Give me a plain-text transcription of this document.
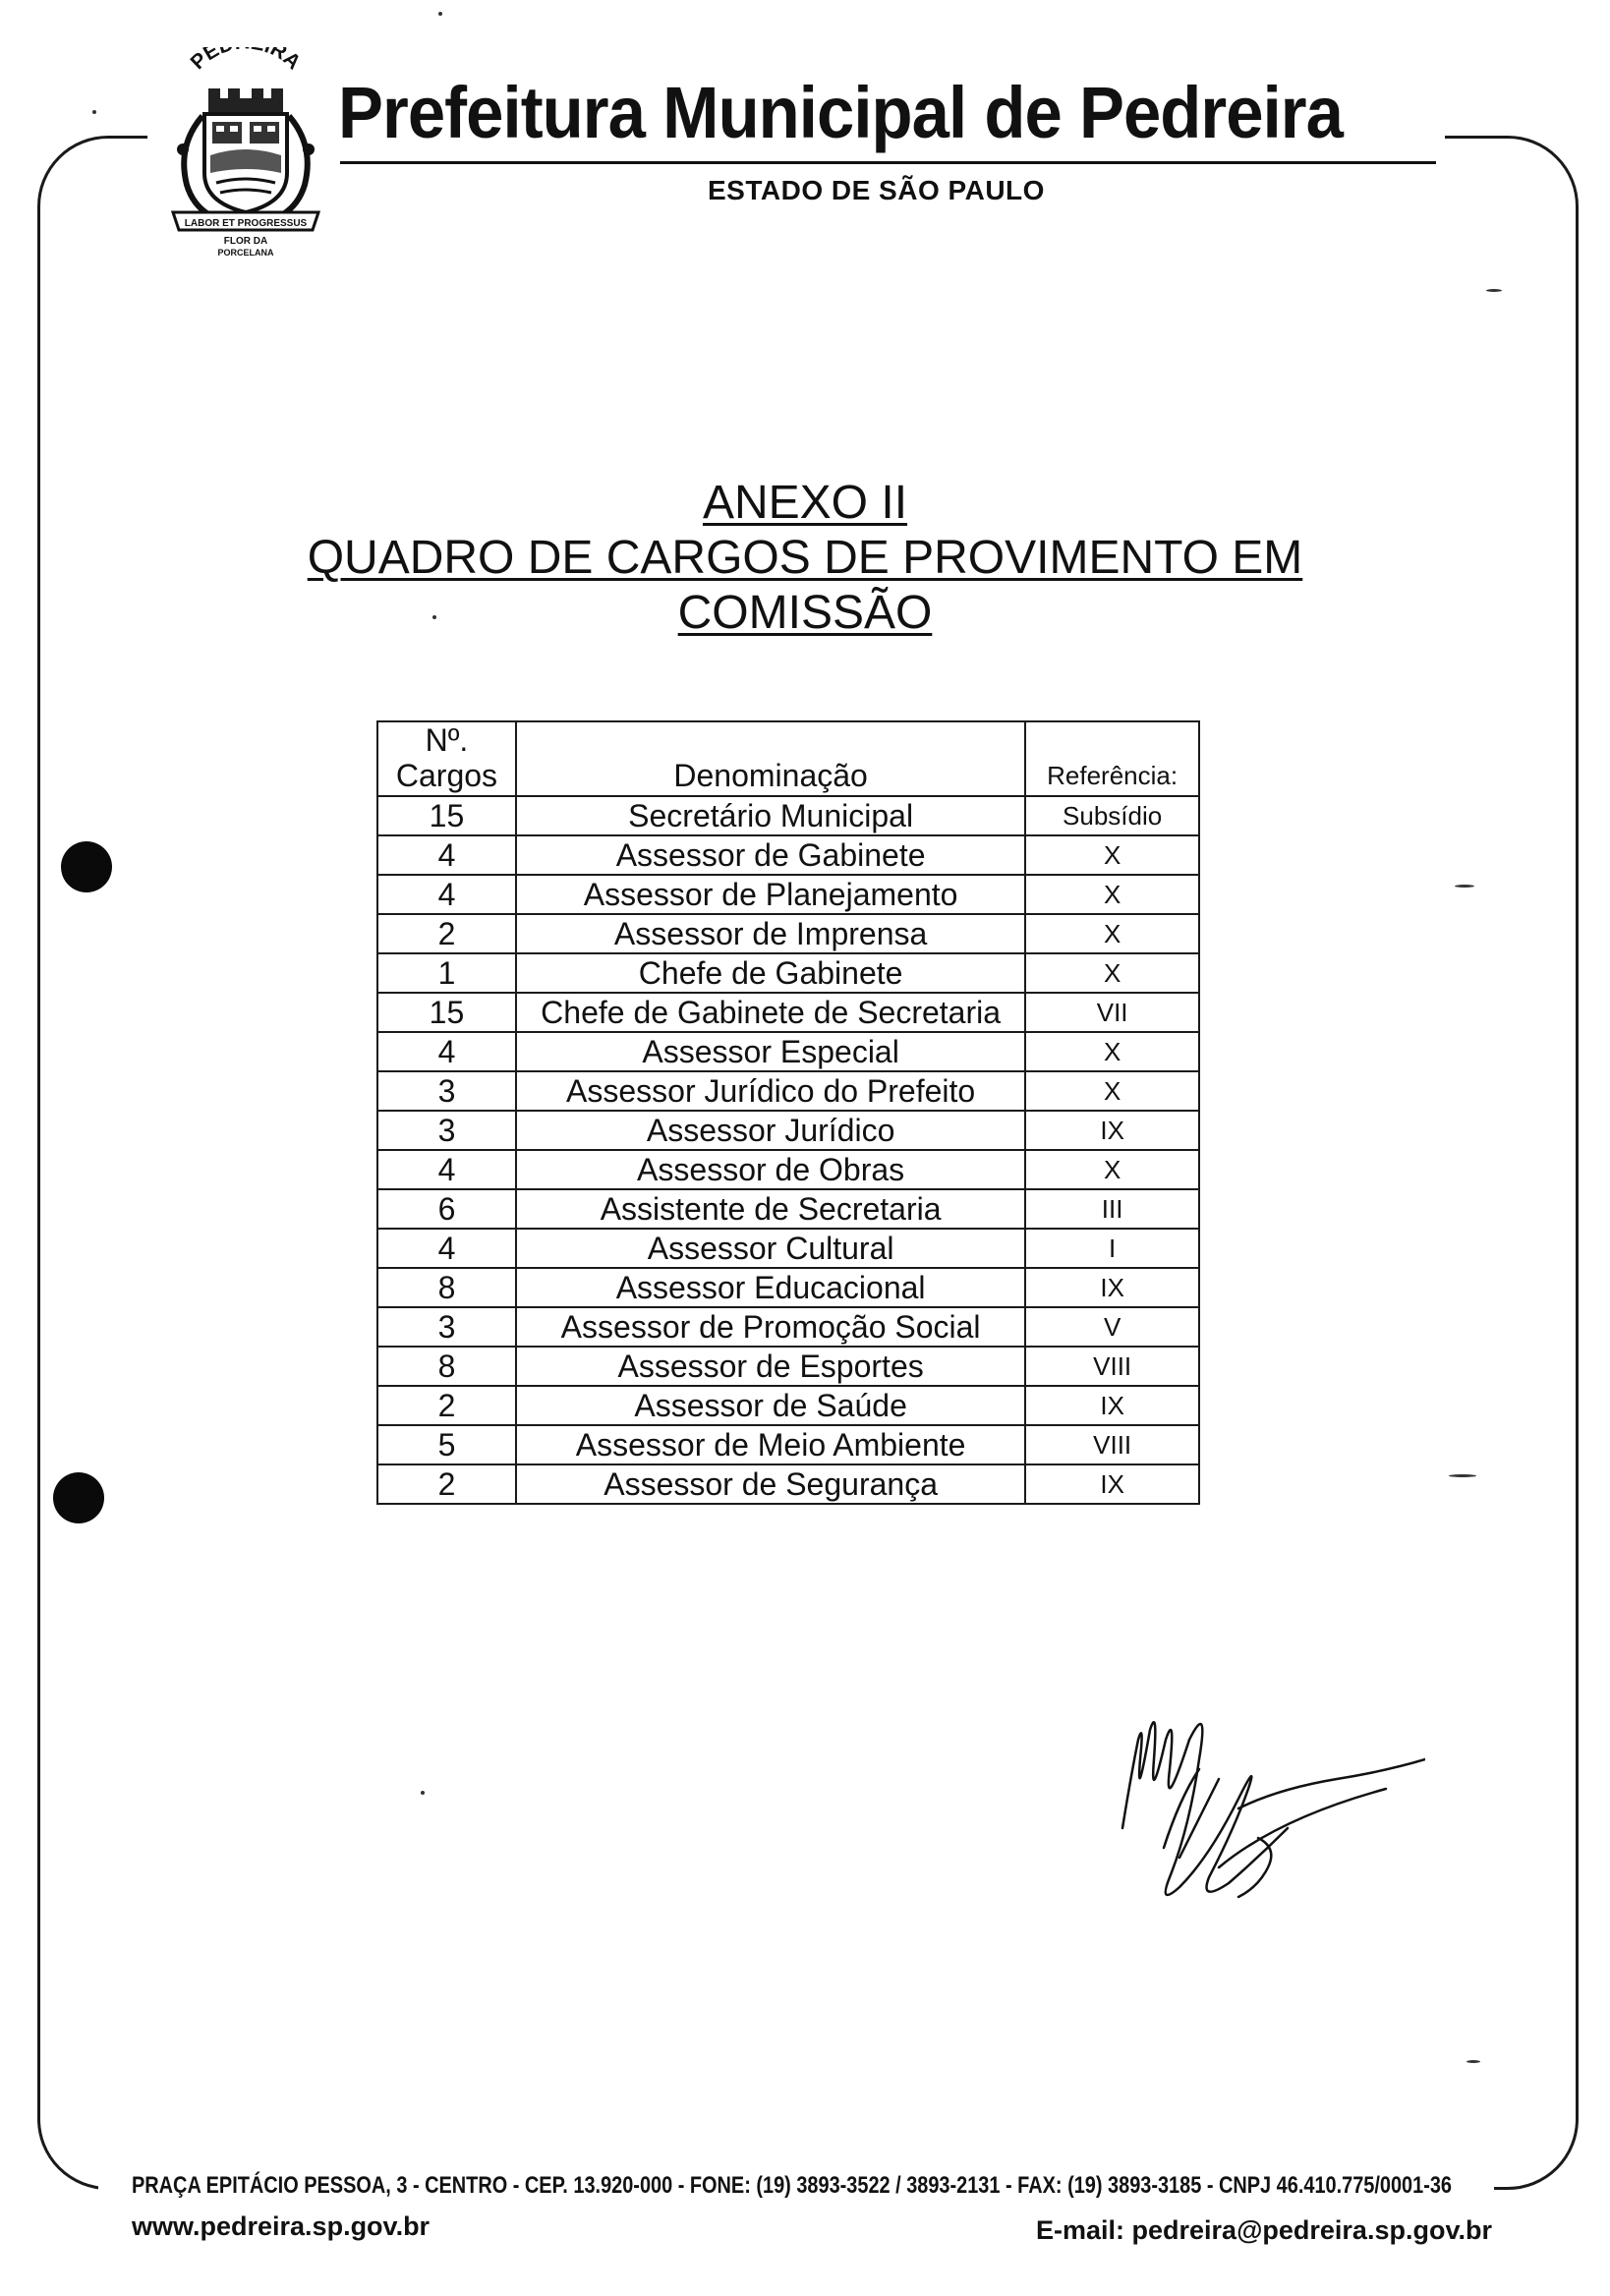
PE RA
LABOR ET PROGRESSUS
FLOR DA
PORCELANA
Prefeitura Municipal de Pedreira
ESTADO DE SÃO PAULO
ANEXO II
QUADRO DE CARGOS DE PROVIMENTO EM
COMISSÃO
Nº.
Cargos	Denominação	Referência:
15	Secretário Municipal	Subsídio
4	Assessor de Gabinete	X
4	Assessor de Planejamento	X
2	Assessor de Imprensa	X
1	Chefe de Gabinete	X
15	Chefe de Gabinete de Secretaria	VII
4	Assessor Especial	X
3	Assessor Jurídico do Prefeito	X
3	Assessor Jurídico	IX
4	Assessor de Obras	X
6	Assistente de Secretaria	III
4	Assessor Cultural	I
8	Assessor Educacional	IX
3	Assessor de Promoção Social	V
8	Assessor de Esportes	VIII
2	Assessor de Saúde	IX
5	Assessor de Meio Ambiente	VIII
2	Assessor de Segurança	IX
PRAÇA EPITÁCIO PESSOA, 3 - CENTRO - CEP. 13.920-000 - FONE: (19) 3893-3522 / 3893-2131 - FAX: (19) 3893-3185 - CNPJ 46.410.775/0001-36
www.pedreira.sp.gov.br	E-mail: pedreira@pedreira.sp.gov.br
